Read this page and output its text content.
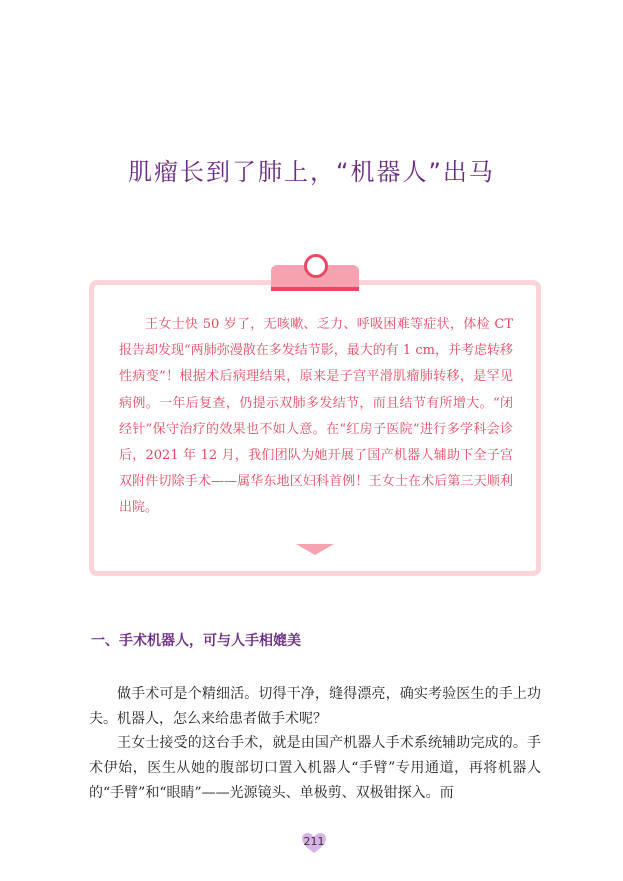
肌瘤长到了肺上，“机器人”出马
王女士快 50 岁了，无咳嗽、乏力、呼吸困难等症状，体检 CT 报告却发现“两肺弥漫散在多发结节影，最大的有 1 cm，并考虑转移性病变”！根据术后病理结果，原来是子宫平滑肌瘤肺转移，是罕见病例。一年后复查，仍提示双肺多发结节，而且结节有所增大。“闭经针”保守治疗的效果也不如人意。在“红房子医院”进行多学科会诊后，2021 年 12 月，我们团队为她开展了国产机器人辅助下全子宫双附件切除手术——属华东地区妇科首例！王女士在术后第三天顺利出院。
一、手术机器人，可与人手相媲美

做手术可是个精细活。切得干净，缝得漂亮，确实考验医生的手上功夫。机器人，怎么来给患者做手术呢？

王女士接受的这台手术，就是由国产机器人手术系统辅助完成的。手术伊始，医生从她的腹部切口置入机器人“手臂”专用通道，再将机器人的“手臂”和“眼睛”——光源镜头、单极剪、双极钳探入。而

211
